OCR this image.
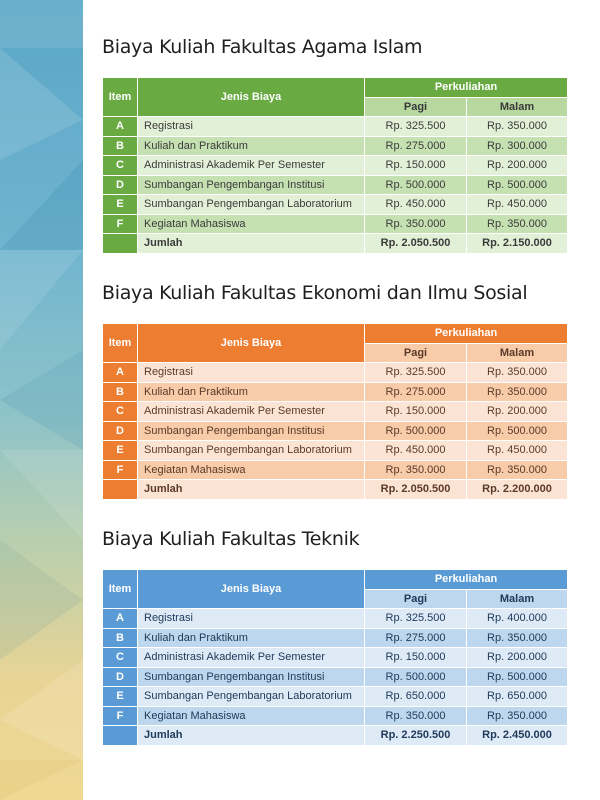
Biaya Kuliah Fakultas Agama Islam
Item	Jenis Biaya	Perkuliahan	
		Pagi	Malam
A	Registrasi	Rp. 325.500	Rp. 350.000
B	Kuliah dan Praktikum	Rp. 275.000	Rp. 300.000
C	Administrasi Akademik Per Semester	Rp. 150.000	Rp. 200.000
D	Sumbangan Pengembangan Institusi	Rp. 500.000	Rp. 500.000
E	Sumbangan Pengembangan Laboratorium	Rp. 450.000	Rp. 450.000
F	Kegiatan Mahasiswa	Rp. 350.000	Rp. 350.000
	Jumlah	Rp. 2.050.500	Rp. 2.150.000
Biaya Kuliah Fakultas Ekonomi dan Ilmu Sosial
Item	Jenis Biaya	Perkuliahan	
		Pagi	Malam
A	Registrasi	Rp. 325.500	Rp. 350.000
B	Kuliah dan Praktikum	Rp. 275.000	Rp. 350.000
C	Administrasi Akademik Per Semester	Rp. 150.000	Rp. 200.000
D	Sumbangan Pengembangan Institusi	Rp. 500.000	Rp. 500.000
E	Sumbangan Pengembangan Laboratorium	Rp. 450.000	Rp. 450.000
F	Kegiatan Mahasiswa	Rp. 350.000	Rp. 350.000
	Jumlah	Rp. 2.050.500	Rp. 2.200.000
Biaya Kuliah Fakultas Teknik
Item	Jenis Biaya	Perkuliahan	
		Pagi	Malam
A	Registrasi	Rp. 325.500	Rp. 400.000
B	Kuliah dan Praktikum	Rp. 275.000	Rp. 350.000
C	Administrasi Akademik Per Semester	Rp. 150.000	Rp. 200.000
D	Sumbangan Pengembangan Institusi	Rp. 500.000	Rp. 500.000
E	Sumbangan Pengembangan Laboratorium	Rp. 650.000	Rp. 650.000
F	Kegiatan Mahasiswa	Rp. 350.000	Rp. 350.000
	Jumlah	Rp. 2.250.500	Rp. 2.450.000
